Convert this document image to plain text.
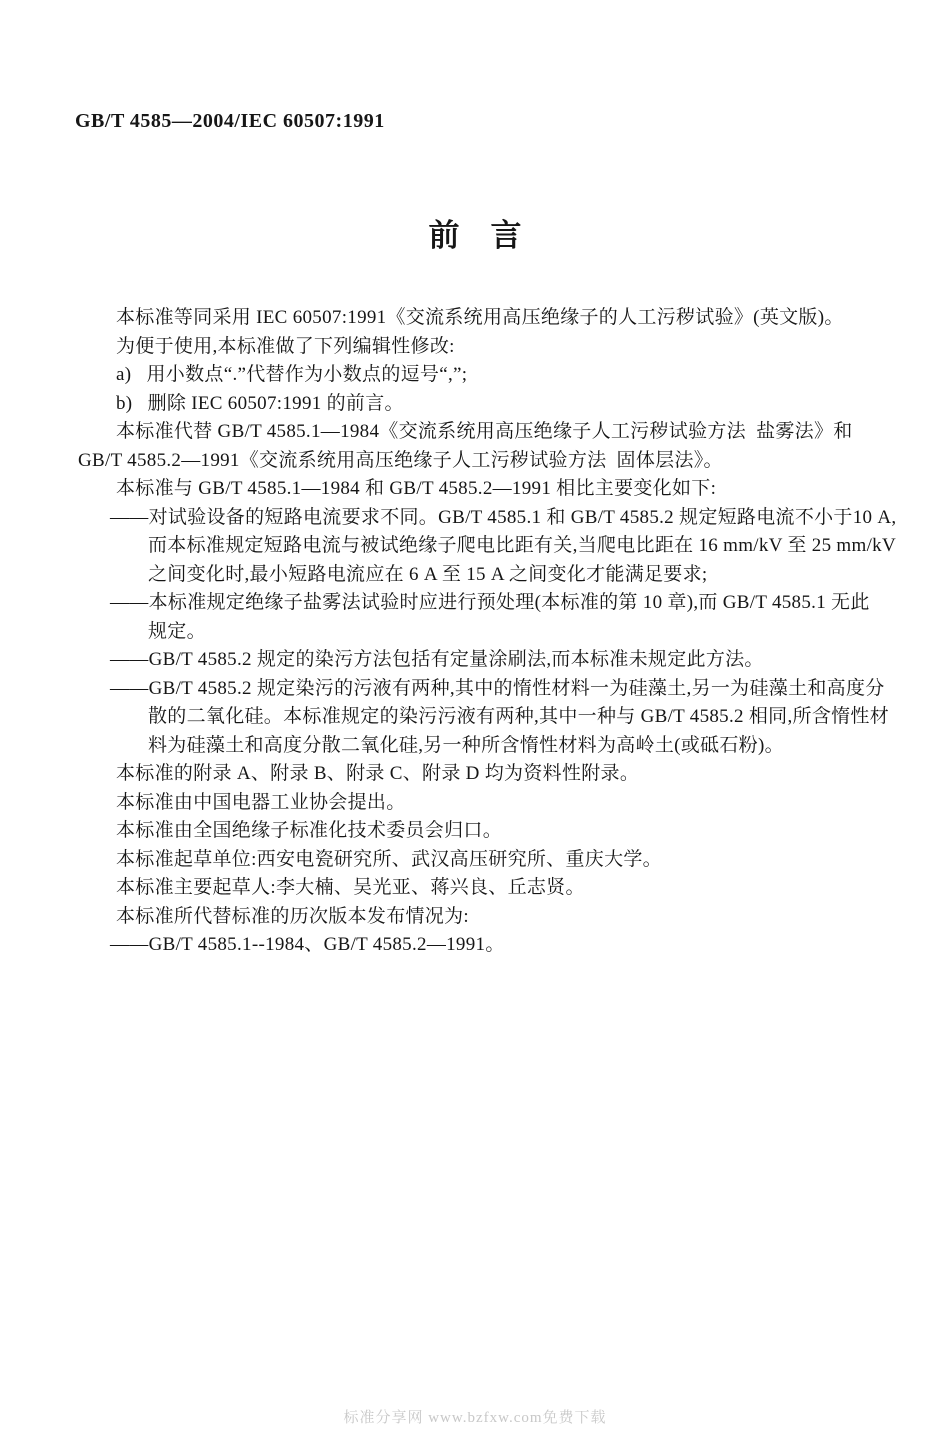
GB/T 4585—2004/IEC 60507:1991
前    言
本标准等同采用 IEC 60507:1991《交流系统用高压绝缘子的人工污秽试验》(英文版)。
为便于使用,本标准做了下列编辑性修改:
a)   用小数点“.”代替作为小数点的逗号“,”;
b)   删除 IEC 60507:1991 的前言。
本标准代替 GB/T 4585.1—1984《交流系统用高压绝缘子人工污秽试验方法  盐雾法》和
GB/T 4585.2—1991《交流系统用高压绝缘子人工污秽试验方法  固体层法》。
本标准与 GB/T 4585.1—1984 和 GB/T 4585.2—1991 相比主要变化如下:
——对试验设备的短路电流要求不同。GB/T 4585.1 和 GB/T 4585.2 规定短路电流不小于10 A,
而本标准规定短路电流与被试绝缘子爬电比距有关,当爬电比距在 16 mm/kV 至 25 mm/kV
之间变化时,最小短路电流应在 6 A 至 15 A 之间变化才能满足要求;
——本标准规定绝缘子盐雾法试验时应进行预处理(本标准的第 10 章),而 GB/T 4585.1 无此
规定。
——GB/T 4585.2 规定的染污方法包括有定量涂刷法,而本标准未规定此方法。
——GB/T 4585.2 规定染污的污液有两种,其中的惰性材料一为硅藻土,另一为硅藻土和高度分
散的二氧化硅。本标准规定的染污污液有两种,其中一种与 GB/T 4585.2 相同,所含惰性材
料为硅藻土和高度分散二氧化硅,另一种所含惰性材料为高岭土(或砥石粉)。
本标准的附录 A、附录 B、附录 C、附录 D 均为资料性附录。
本标准由中国电器工业协会提出。
本标准由全国绝缘子标准化技术委员会归口。
本标准起草单位:西安电瓷研究所、武汉高压研究所、重庆大学。
本标准主要起草人:李大楠、吴光亚、蒋兴良、丘志贤。
本标准所代替标准的历次版本发布情况为:
——GB/T 4585.1--1984、GB/T 4585.2—1991。
标准分享网 www.bzfxw.com免费下载
